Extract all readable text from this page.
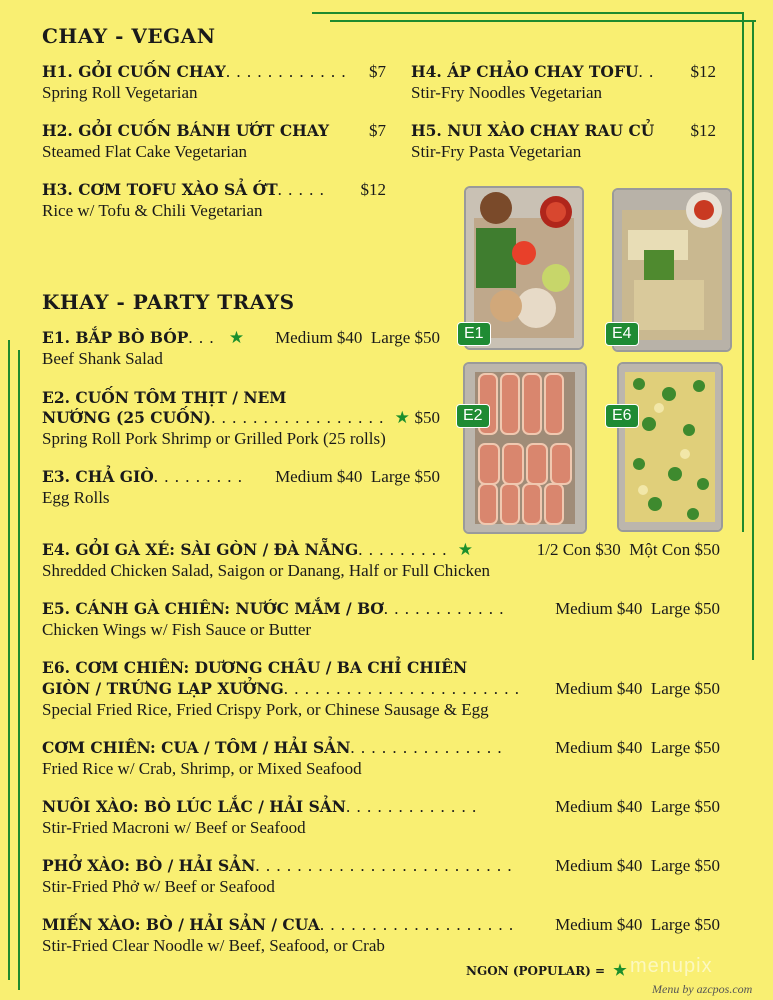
CHAY - VEGAN
H1. GỎI CUỐN CHAY. . . . . . . . . . . .	$7
Spring Roll Vegetarian
H2. GỎI CUỐN BÁNH ƯỚT CHAY	$7
Steamed Flat Cake Vegetarian
H3. CƠM TOFU XÀO SẢ ỚT. . . . .	$12
Rice w/ Tofu & Chili Vegetarian
H4. ÁP CHẢO CHAY TOFU. .	$12
Stir-Fry Noodles Vegetarian
H5. NUI XÀO CHAY RAU CỦ	$12
Stir-Fry Pasta Vegetarian
E1	E4
E2	E6
KHAY - PARTY TRAYS
E1. BẮP BÒ BÓP. . . ★	Medium $40  Large $50
Beef Shank Salad
E2. CUỐN TÔM THỊT / NEM
NƯỚNG (25 CUỐN). . . . . . . . . . . . . . . . . ★ $50
Spring Roll Pork Shrimp or Grilled Pork (25 rolls)
E3. CHẢ GIÒ. . . . . . . . .	Medium $40  Large $50
Egg Rolls
E4. GỎI GÀ XÉ: SÀI GÒN / ĐÀ NẴNG. . . . . . . . . ★	1/2 Con $30  Một Con $50
Shredded Chicken Salad, Saigon or Danang, Half or Full Chicken
E5. CÁNH GÀ CHIÊN: NƯỚC MẮM / BƠ. . . . . . . . . . . .	Medium $40  Large $50
Chicken Wings w/ Fish Sauce or Butter
E6. CƠM CHIÊN: DƯƠNG CHÂU / BA CHỈ CHIÊN
GIÒN / TRỨNG LẠP XƯỞNG. . . . . . . . . . . . . . . . . . . . . . .	Medium $40  Large $50
Special Fried Rice, Fried Crispy Pork, or Chinese Sausage & Egg
CƠM CHIÊN: CUA / TÔM / HẢI SẢN. . . . . . . . . . . . . . .	Medium $40  Large $50
Fried Rice w/ Crab, Shrimp, or Mixed Seafood
NUÔI XÀO: BÒ LÚC LẮC / HẢI SẢN. . . . . . . . . . . . .	Medium $40  Large $50
Stir-Fried Macroni w/ Beef or Seafood
PHỞ XÀO: BÒ / HẢI SẢN. . . . . . . . . . . . . . . . . . . . . . . . .	Medium $40  Large $50
Stir-Fried Phở w/ Beef or Seafood
MIẾN XÀO: BÒ / HẢI SẢN / CUA. . . . . . . . . . . . . . . . . . .	Medium $40  Large $50
Stir-Fried Clear Noodle w/ Beef, Seafood, or Crab
NGON (POPULAR) = ★ menupix
Menu by azcpos.com
